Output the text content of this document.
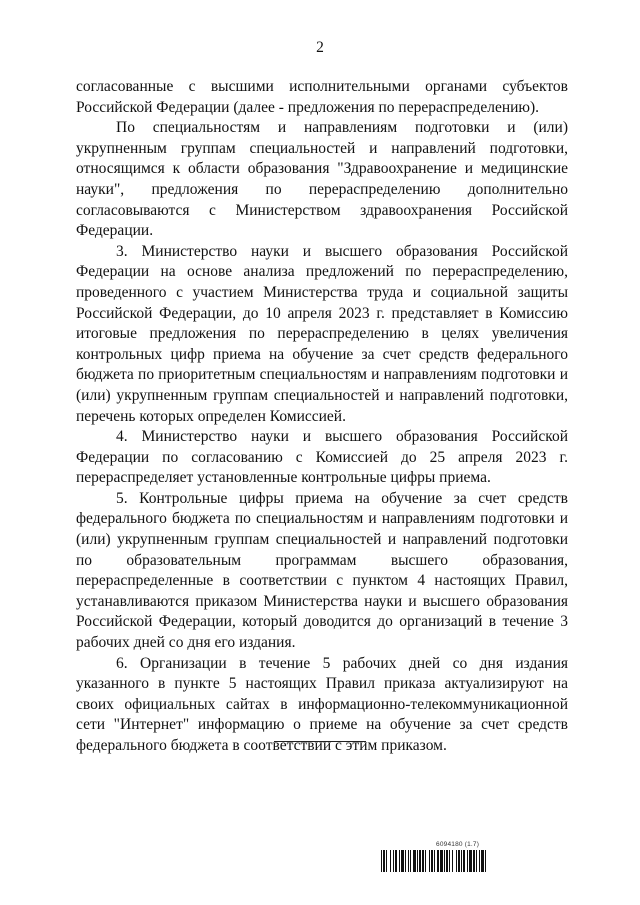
2

согласованные с высшими исполнительными органами субъектов Российской Федерации (далее - предложения по перераспределению).

По специальностям и направлениям подготовки и (или) укрупненным группам специальностей и направлений подготовки, относящимся к области образования "Здравоохранение и медицинские науки", предложения по перераспределению дополнительно согласовываются с Министерством здравоохранения Российской Федерации.

3. Министерство науки и высшего образования Российской Федерации на основе анализа предложений по перераспределению, проведенного с участием Министерства труда и социальной защиты Российской Федерации, до 10 апреля 2023 г. представляет в Комиссию итоговые предложения по перераспределению в целях увеличения контрольных цифр приема на обучение за счет средств федерального бюджета по приоритетным специальностям и направлениям подготовки и (или) укрупненным группам специальностей и направлений подготовки, перечень которых определен Комиссией.

4. Министерство науки и высшего образования Российской Федерации по согласованию с Комиссией до 25 апреля 2023 г. перераспределяет установленные контрольные цифры приема.

5. Контрольные цифры приема на обучение за счет средств федерального бюджета по специальностям и направлениям подготовки и (или) укрупненным группам специальностей и направлений подготовки по образовательным программам высшего образования, перераспределенные в соответствии с пунктом 4 настоящих Правил, устанавливаются приказом Министерства науки и высшего образования Российской Федерации, который доводится до организаций в течение 3 рабочих дней со дня его издания.

6. Организации в течение 5 рабочих дней со дня издания указанного в пункте 5 настоящих Правил приказа актуализируют на своих официальных сайтах в информационно-телекоммуникационной сети "Интернет" информацию о приеме на обучение за счет средств федерального бюджета в соответствии с этим приказом.

6094180 (1.7)
